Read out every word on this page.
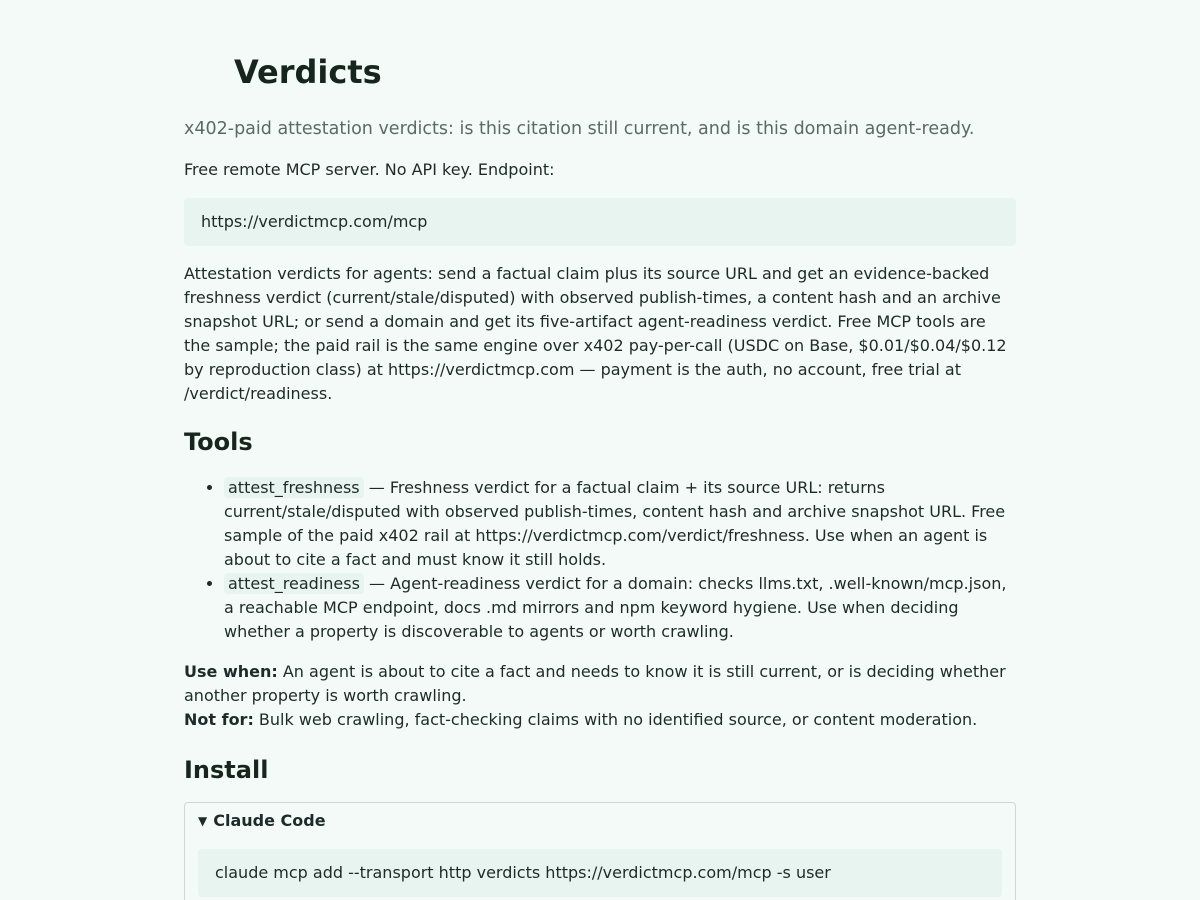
Verdicts

x402-paid attestation verdicts: is this citation still current, and is this domain agent-ready.

Free remote MCP server. No API key. Endpoint:

https://verdictmcp.com/mcp

Attestation verdicts for agents: send a factual claim plus its source URL and get an evidence-backed freshness verdict (current/stale/disputed) with observed publish-times, a content hash and an archive snapshot URL; or send a domain and get its five-artifact agent-readiness verdict. Free MCP tools are the sample; the paid rail is the same engine over x402 pay-per-call (USDC on Base, $0.01/$0.04/$0.12 by reproduction class) at https://verdictmcp.com — payment is the auth, no account, free trial at /verdict/readiness.

Tools
• attest_freshness — Freshness verdict for a factual claim + its source URL: returns current/stale/disputed with observed publish-times, content hash and archive snapshot URL. Free sample of the paid x402 rail at https://verdictmcp.com/verdict/freshness. Use when an agent is about to cite a fact and must know it still holds.
• attest_readiness — Agent-readiness verdict for a domain: checks llms.txt, .well-known/mcp.json, a reachable MCP endpoint, docs .md mirrors and npm keyword hygiene. Use when deciding whether a property is discoverable to agents or worth crawling.

Use when: An agent is about to cite a fact and needs to know it is still current, or is deciding whether another property is worth crawling.
Not for: Bulk web crawling, fact-checking claims with no identified source, or content moderation.

Install
▼ Claude Code
claude mcp add --transport http verdicts https://verdictmcp.com/mcp -s user
